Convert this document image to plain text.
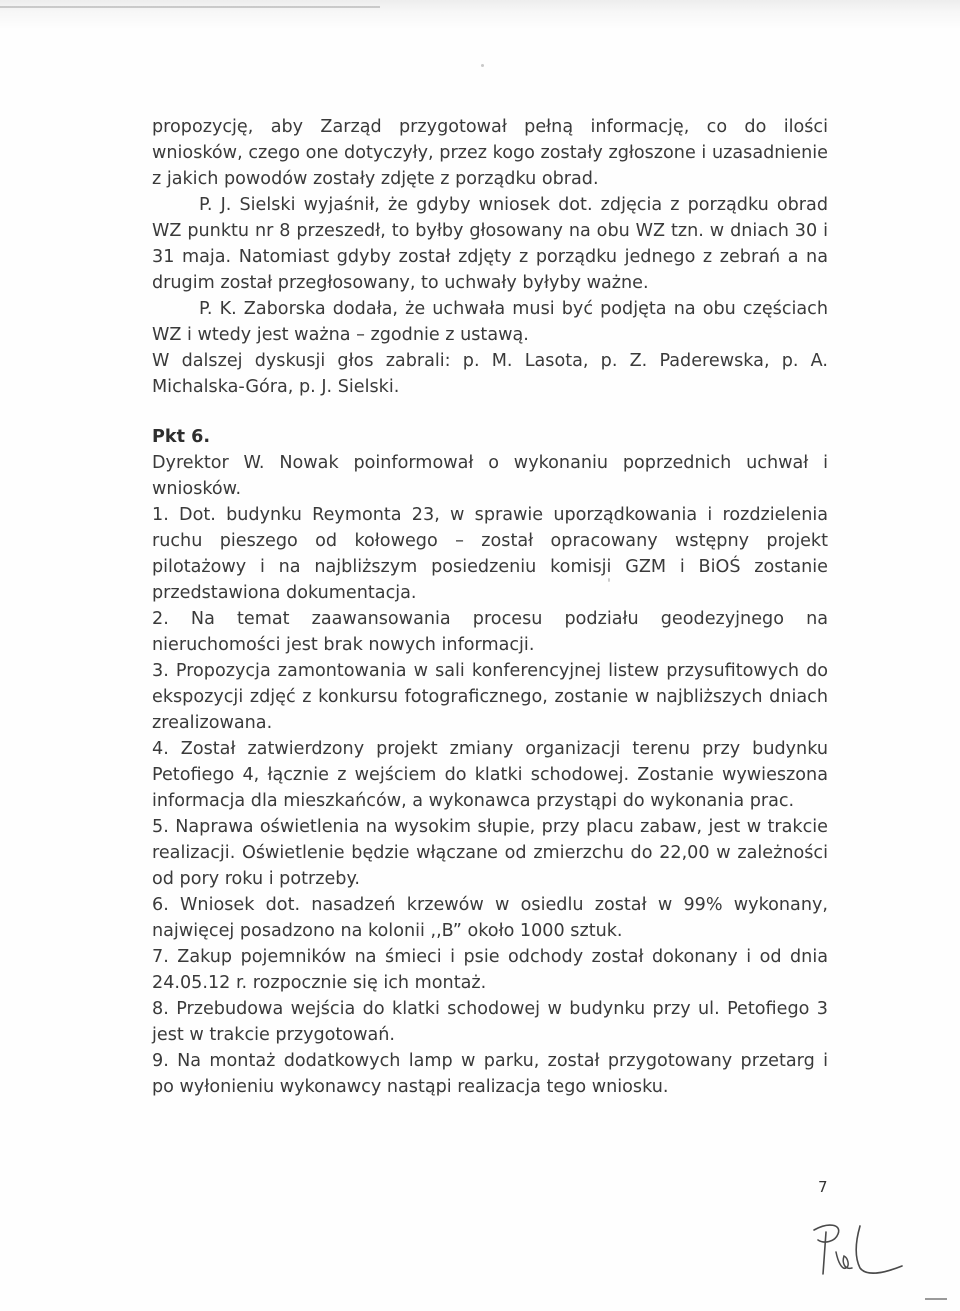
propozycję, aby Zarząd przygotował pełną informację, co do ilości wniosków, czego one dotyczyły, przez kogo zostały zgłoszone i uzasadnienie z jakich powodów zostały zdjęte z porządku obrad.

P. J. Sielski wyjaśnił, że gdyby wniosek dot. zdjęcia z porządku obrad WZ punktu nr 8 przeszedł, to byłby głosowany na obu WZ tzn. w dniach 30 i 31 maja. Natomiast gdyby został zdjęty z porządku jednego z zebrań a na drugim został przegłosowany, to uchwały byłyby ważne.

P. K. Zaborska dodała, że uchwała musi być podjęta na obu częściach WZ i wtedy jest ważna – zgodnie z ustawą.

W dalszej dyskusji głos zabrali: p. M. Lasota, p. Z. Paderewska, p. A. Michalska-Góra, p. J. Sielski.

Pkt 6.

Dyrektor W. Nowak poinformował o wykonaniu poprzednich uchwał i wniosków.

1. Dot. budynku Reymonta 23, w sprawie uporządkowania i rozdzielenia ruchu pieszego od kołowego – został opracowany wstępny projekt pilotażowy i na najbliższym posiedzeniu komisji GZM i BiOŚ zostanie przedstawiona dokumentacja.

2. Na temat zaawansowania procesu podziału geodezyjnego na nieruchomości jest brak nowych informacji.

3. Propozycja zamontowania w sali konferencyjnej listew przysufitowych do ekspozycji zdjęć z konkursu fotograficznego, zostanie w najbliższych dniach zrealizowana.

4. Został zatwierdzony projekt zmiany organizacji terenu przy budynku Petofiego 4, łącznie z wejściem do klatki schodowej. Zostanie wywieszona informacja dla mieszkańców, a wykonawca przystąpi do wykonania prac.

5. Naprawa oświetlenia na wysokim słupie, przy placu zabaw, jest w trakcie realizacji. Oświetlenie będzie włączane od zmierzchu do 22,00 w zależności od pory roku i potrzeby.

6. Wniosek dot. nasadzeń krzewów w osiedlu został w 99% wykonany, najwięcej posadzono na kolonii ,,B” około 1000 sztuk.

7. Zakup pojemników na śmieci i psie odchody został dokonany i od dnia 24.05.12 r. rozpocznie się ich montaż.

8. Przebudowa wejścia do klatki schodowej w budynku przy ul. Petofiego 3 jest w trakcie przygotowań.

9. Na montaż dodatkowych lamp w parku, został przygotowany przetarg i po wyłonieniu wykonawcy nastąpi realizacja tego wniosku.

7
